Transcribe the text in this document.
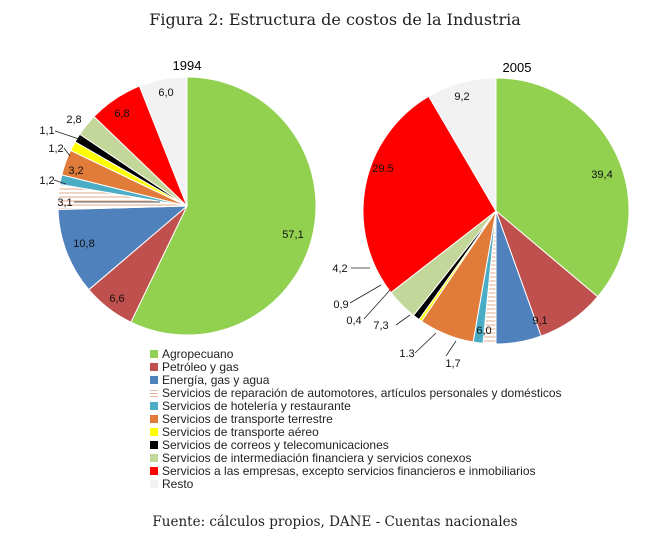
Figura 2: Estructura de costos de la Industria
1994	2005
57,1
6,6
10,8
3,1
1,2
3,2
1,2
1,1
2,8	6,8
6,0
39,4
9,1
6,0
1,7
1.3
7,3
0,4
0,9
4,2
29.5
9,2
Agropecuano
Petróleo y gas
Energía, gas y agua
Servicios de reparación de automotores, artículos personales y domésticos
Servicios de hotelería y restaurante
Servicios de transporte terrestre
Servicios de transporte aéreo
Servicios de correos y telecomunicaciones
Servicios de intermediación financiera y servicios conexos
Servicios a las empresas, excepto servicios financieros e inmobiliarios
Resto
Fuente: cálculos propios, DANE - Cuentas nacionales
